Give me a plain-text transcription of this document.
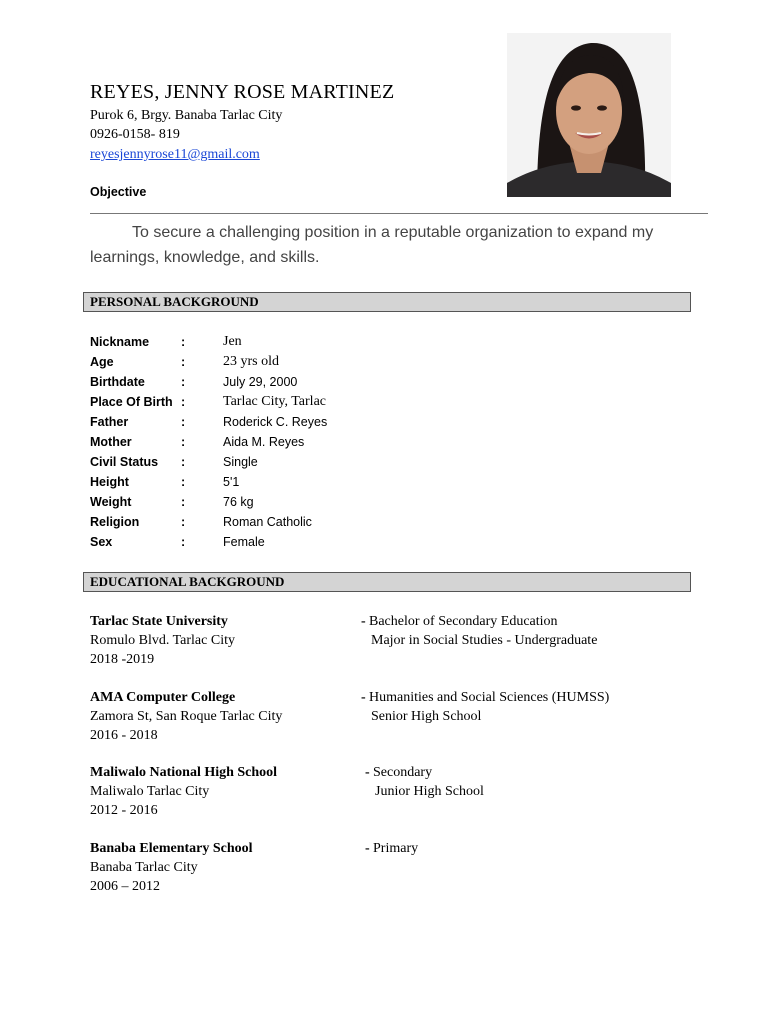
REYES, JENNY ROSE MARTINEZ
Purok 6, Brgy. Banaba Tarlac City
0926-0158- 819
reyesjennyrose11@gmail.com
Objective
To secure a challenging position in a reputable organization to expand my learnings, knowledge, and skills.
PERSONAL BACKGROUND
Nickname	:	Jen
Age	:	23 yrs old
Birthdate	:	July 29, 2000
Place Of Birth :	Tarlac City, Tarlac
Father	:	Roderick C. Reyes
Mother	:	Aida M. Reyes
Civil Status	:	Single
Height	:	5'1
Weight	:	76 kg
Religion	:	Roman Catholic
Sex	:	Female
EDUCATIONAL BACKGROUND
Tarlac State University
Romulo Blvd. Tarlac City
2018 -2019
- Bachelor of Secondary Education
Major in Social Studies - Undergraduate
AMA Computer College
Zamora St, San Roque Tarlac City
2016 - 2018
- Humanities and Social Sciences (HUMSS)
Senior High School
Maliwalo National High School
Maliwalo Tarlac City
2012 - 2016
- Secondary
Junior High School
Banaba Elementary School
Banaba Tarlac City
2006 – 2012
- Primary
